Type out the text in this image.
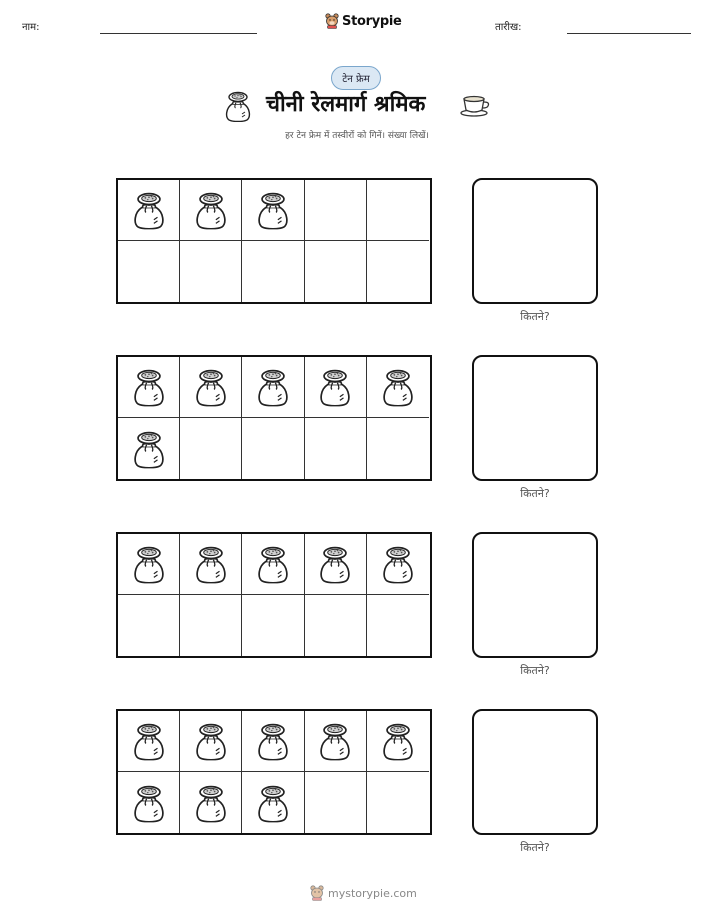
नाम:	Storypie	तारीख:
टेन फ्रेम
चीनी रेलमार्ग श्रमिक
हर टेन फ्रेम में तस्वीरों को गिनें। संख्या लिखें।
कितने?
कितने?
कितने?
कितने?
mystorypie.com
